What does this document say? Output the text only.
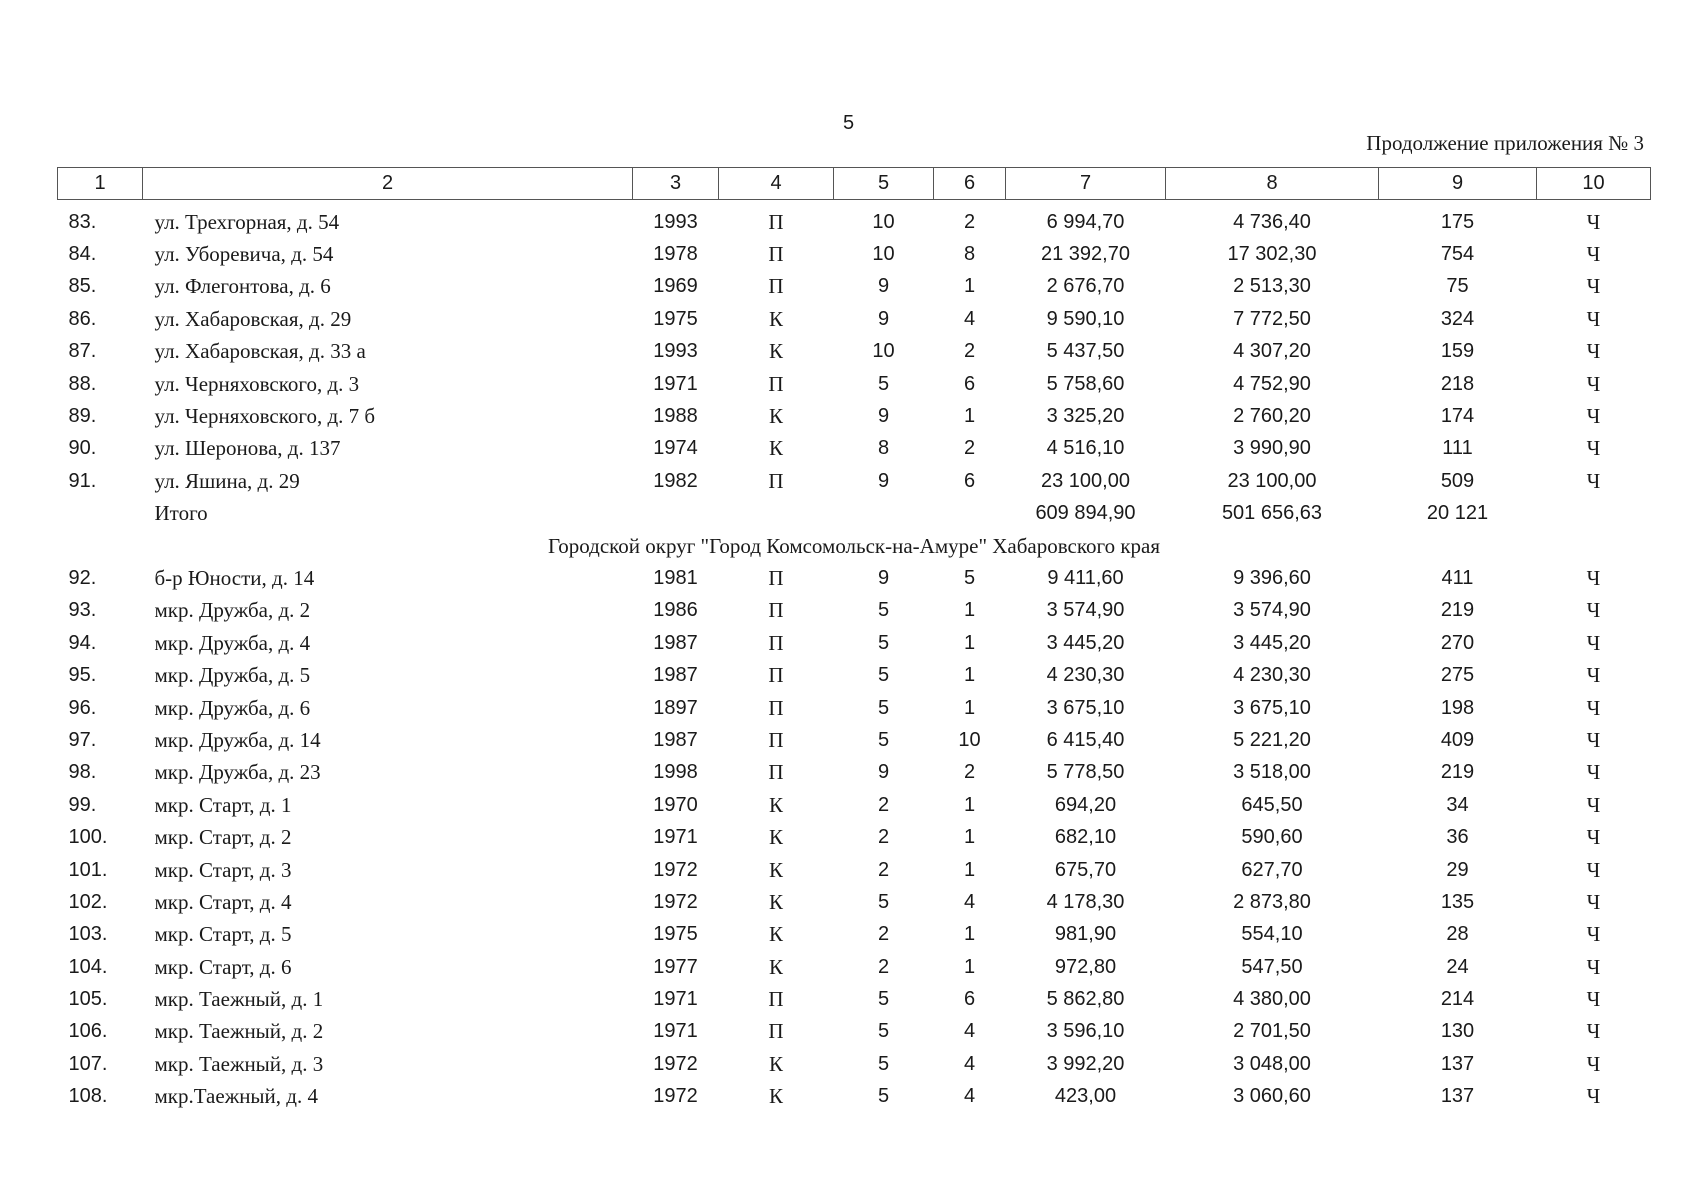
5
Продолжение приложения № 3
1	2	3	4	5	6	7	8	9	10
83.	ул. Трехгорная, д. 54	1993	П	10	2	6 994,70	4 736,40	175	Ч
84.	ул. Уборевича, д. 54	1978	П	10	8	21 392,70	17 302,30	754	Ч
85.	ул. Флегонтова, д. 6	1969	П	9	1	2 676,70	2 513,30	75	Ч
86.	ул. Хабаровская, д. 29	1975	К	9	4	9 590,10	7 772,50	324	Ч
87.	ул. Хабаровская, д. 33 а	1993	К	10	2	5 437,50	4 307,20	159	Ч
88.	ул. Черняховского, д. 3	1971	П	5	6	5 758,60	4 752,90	218	Ч
89.	ул. Черняховского, д. 7 б	1988	К	9	1	3 325,20	2 760,20	174	Ч
90.	ул. Шеронова, д. 137	1974	К	8	2	4 516,10	3 990,90	111	Ч
91.	ул. Яшина, д. 29	1982	П	9	6	23 100,00	23 100,00	509	Ч
	Итого					609 894,90	501 656,63	20 121	
Городской округ "Город Комсомольск-на-Амуре" Хабаровского края									
92.	б-р Юности, д. 14	1981	П	9	5	9 411,60	9 396,60	411	Ч
93.	мкр. Дружба, д. 2	1986	П	5	1	3 574,90	3 574,90	219	Ч
94.	мкр. Дружба, д. 4	1987	П	5	1	3 445,20	3 445,20	270	Ч
95.	мкр. Дружба, д. 5	1987	П	5	1	4 230,30	4 230,30	275	Ч
96.	мкр. Дружба, д. 6	1897	П	5	1	3 675,10	3 675,10	198	Ч
97.	мкр. Дружба, д. 14	1987	П	5	10	6 415,40	5 221,20	409	Ч
98.	мкр. Дружба, д. 23	1998	П	9	2	5 778,50	3 518,00	219	Ч
99.	мкр. Старт, д. 1	1970	К	2	1	694,20	645,50	34	Ч
100.	мкр. Старт, д. 2	1971	К	2	1	682,10	590,60	36	Ч
101.	мкр. Старт, д. 3	1972	К	2	1	675,70	627,70	29	Ч
102.	мкр. Старт, д. 4	1972	К	5	4	4 178,30	2 873,80	135	Ч
103.	мкр. Старт, д. 5	1975	К	2	1	981,90	554,10	28	Ч
104.	мкр. Старт, д. 6	1977	К	2	1	972,80	547,50	24	Ч
105.	мкр. Таежный, д. 1	1971	П	5	6	5 862,80	4 380,00	214	Ч
106.	мкр. Таежный, д. 2	1971	П	5	4	3 596,10	2 701,50	130	Ч
107.	мкр. Таежный, д. 3	1972	К	5	4	3 992,20	3 048,00	137	Ч
108.	мкр.Таежный, д. 4	1972	К	5	4	423,00	3 060,60	137	Ч
